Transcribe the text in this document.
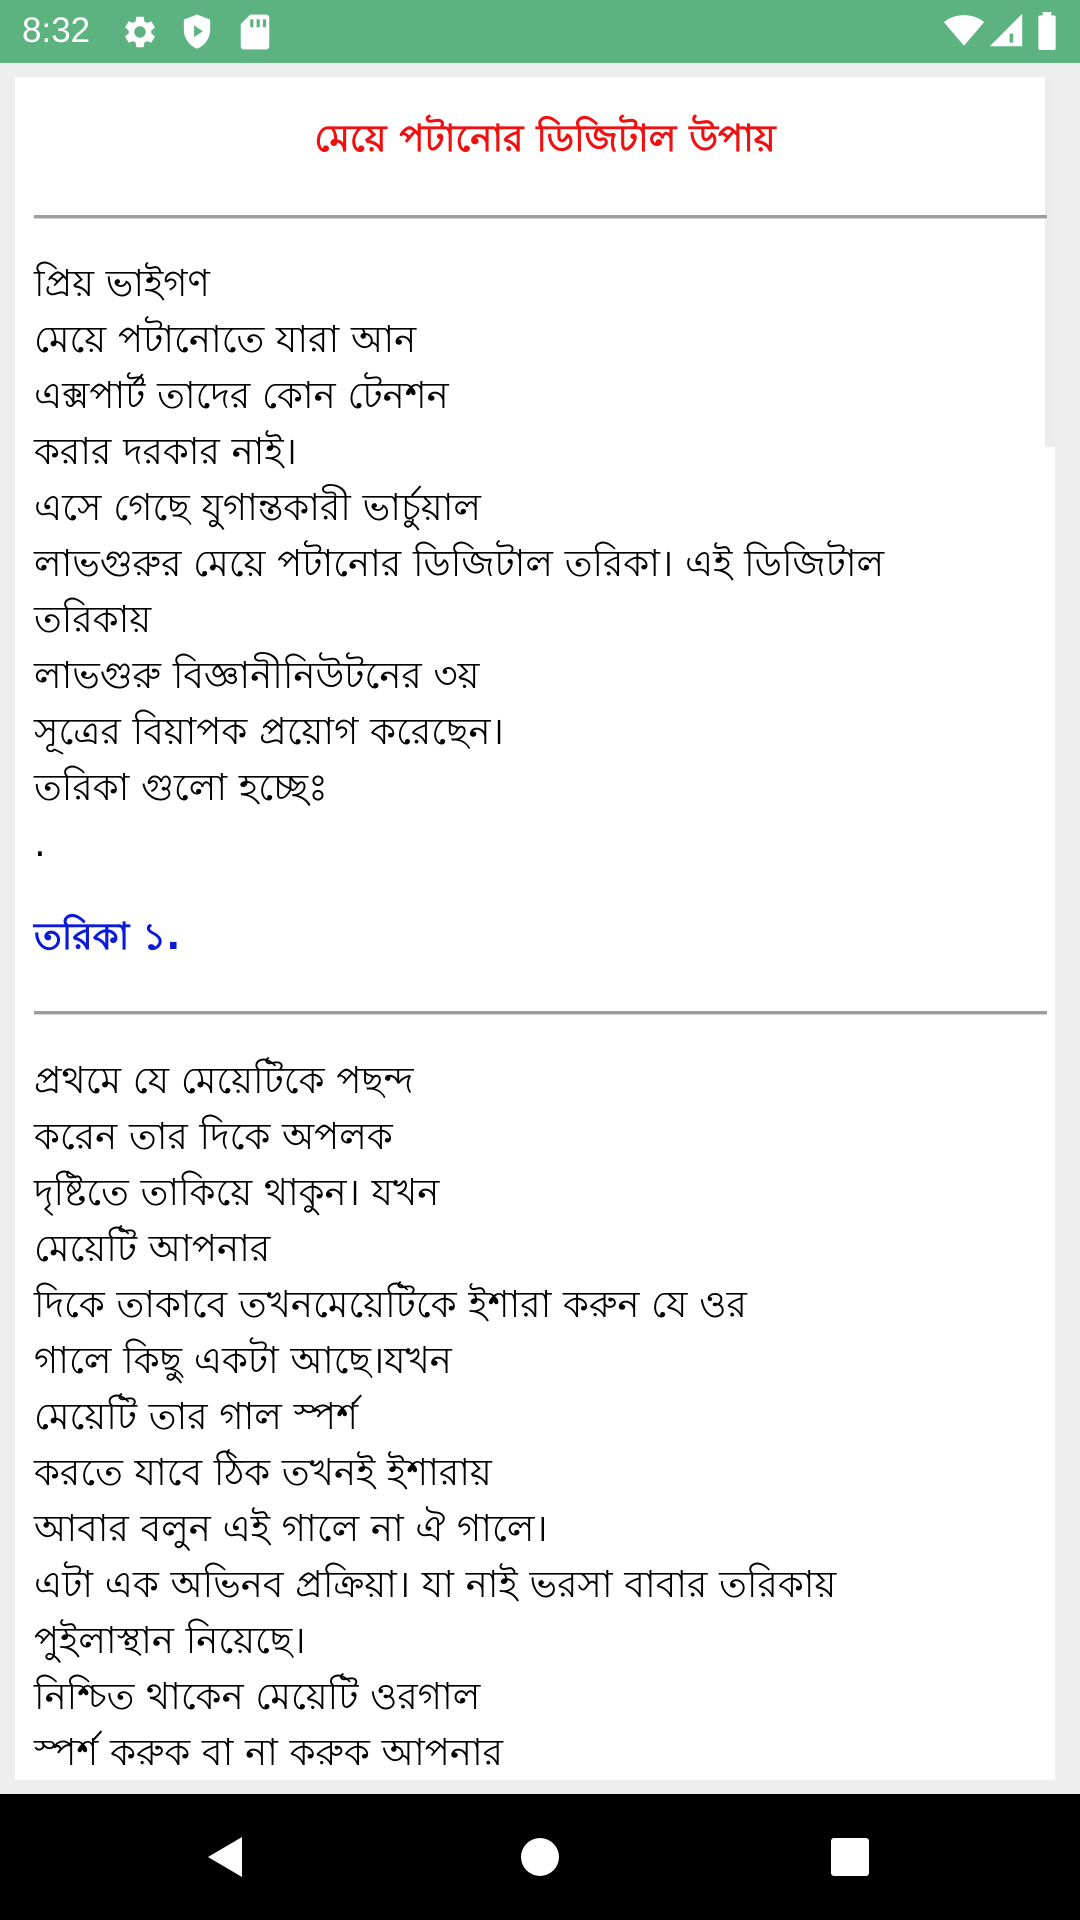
8:32
মেয়ে পটানোর ডিজিটাল উপায়
প্রিয় ভাইগণ
মেয়ে পটানোতে যারা আন
এক্সপার্ট তাদের কোন টেনশন
করার দরকার নাই।
এসে গেছে যুগান্তকারী ভার্চুয়াল
লাভগুরুর মেয়ে পটানোর ডিজিটাল তরিকা। এই ডিজিটাল
তরিকায়
লাভগুরু বিজ্ঞানীনিউটনের ৩য়
সূত্রের বিয়াপক প্রয়োগ করেছেন।
তরিকা গুলো হচ্ছেঃ
.
তরিকা ১.
প্রথমে যে মেয়েটিকে পছন্দ
করেন তার দিকে অপলক
দৃষ্টিতে তাকিয়ে থাকুন। যখন
মেয়েটি আপনার
দিকে তাকাবে তখনমেয়েটিকে ইশারা করুন যে ওর
গালে কিছু একটা আছে।যখন
মেয়েটি তার গাল স্পর্শ
করতে যাবে ঠিক তখনই ইশারায়
আবার বলুন এই গালে না ঐ গালে।
এটা এক অভিনব প্রক্রিয়া। যা নাই ভরসা বাবার তরিকায়
পুইলাস্থান নিয়েছে।
নিশ্চিত থাকেন মেয়েটি ওরগাল
স্পর্শ করুক বা না করুক আপনার
